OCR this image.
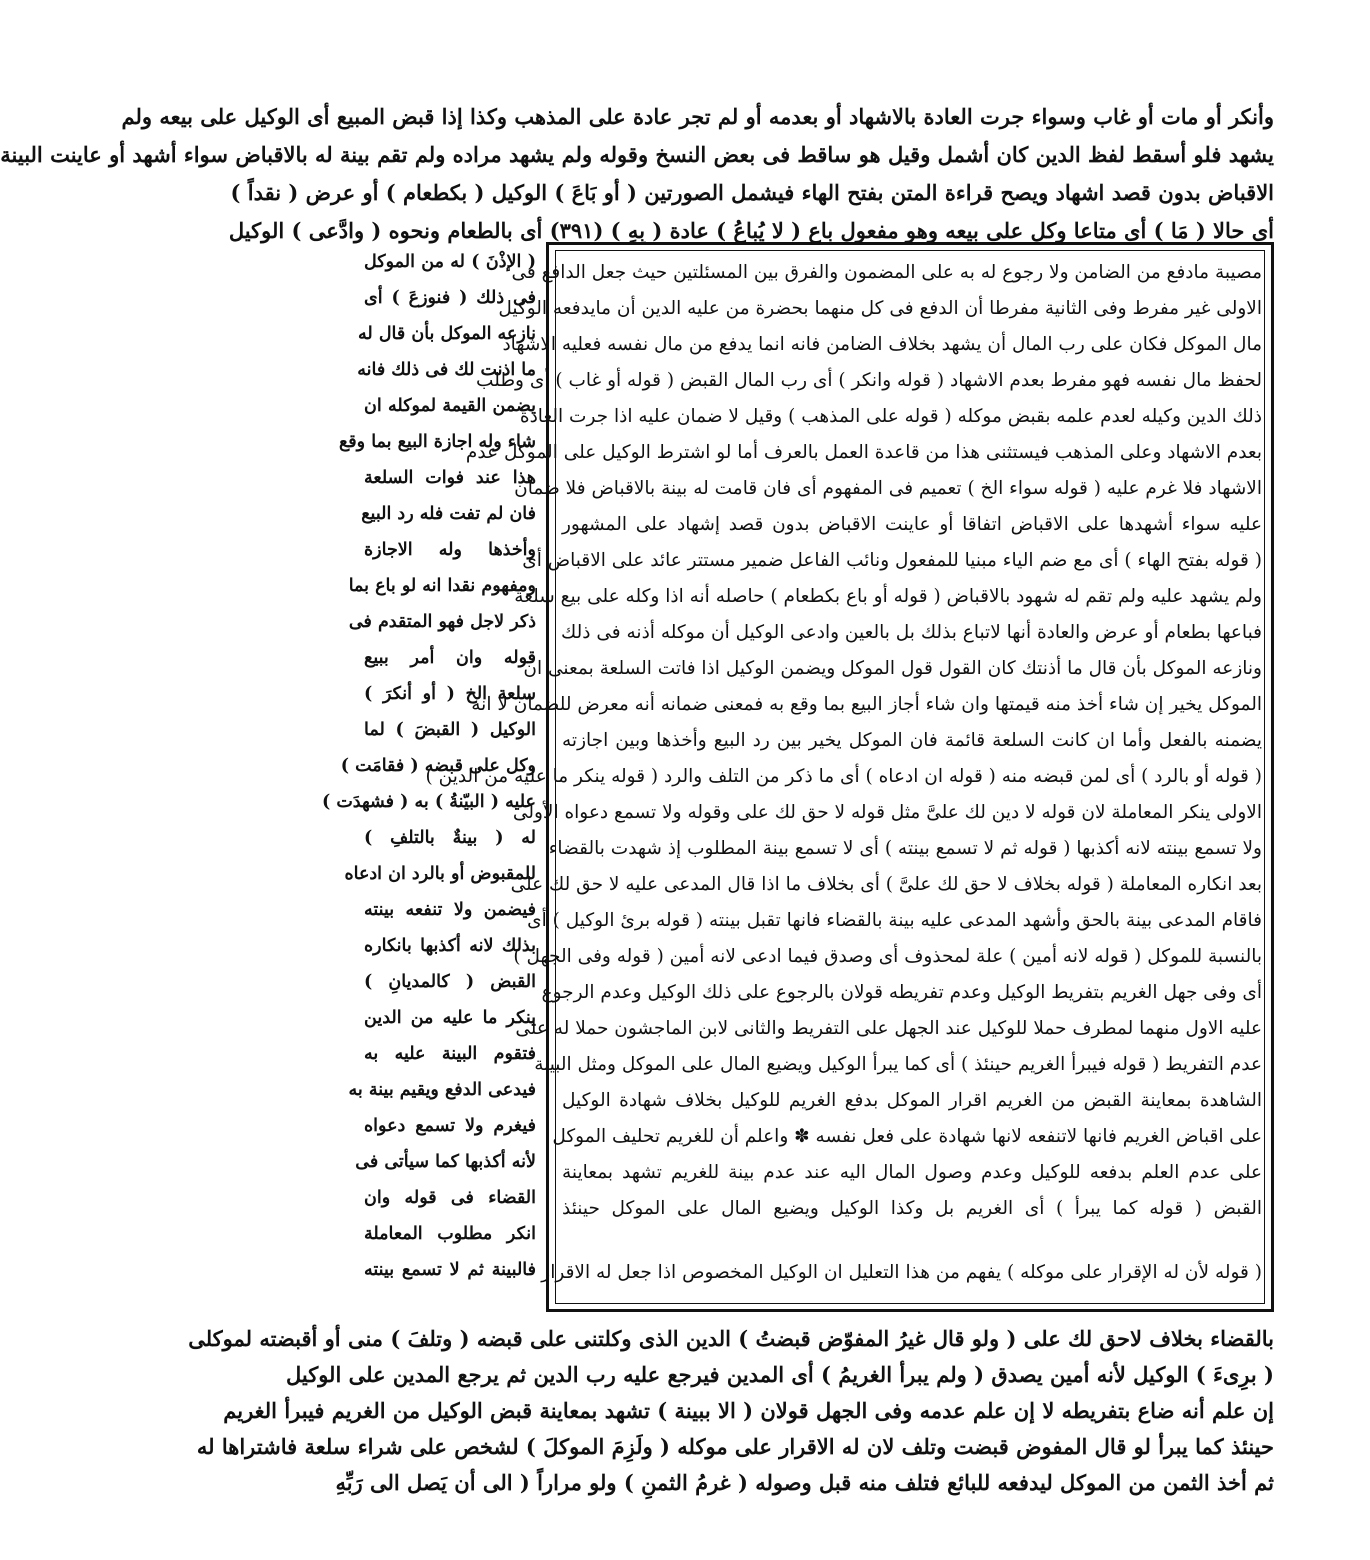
وأنكر أو مات أو غاب وسواء جرت العادة بالاشهاد أو بعدمه أو لم تجر عادة على المذهب وكذا إذا قبض المبيع أى الوكيل على بيعه ولم
يشهد فلو أسقط لفظ الدين كان أشمل وقيل هو ساقط فى بعض النسخ وقوله ولم يشهد مراده ولم تقم بينة له بالاقباض سواء أشهد أو عاينت البينة
الاقباض بدون قصد اشهاد ويصح قراءة المتن بفتح الهاء فيشمل الصورتين ( أو بَاعَ ) الوكيل ( بكطعام ) أو عرض ( نقداً )
أى حالا ( مَا ) أى متاعا وكل على بيعه وهو مفعول باع ( لا يُباعُ ) عادة ( بِهِ ) (٣٩١) أى بالطعام ونحوه ( وادَّعى ) الوكيل
مصيبة مادفع من الضامن ولا رجوع له به على المضمون والفرق بين المسئلتين حيث جعل الدافع فى
الاولى غير مفرط وفى الثانية مفرطا أن الدفع فى كل منهما بحضرة من عليه الدين أن مايدفعه الوكيل
مال الموكل فكان على رب المال أن يشهد بخلاف الضامن فانه انما يدفع من مال نفسه فعليه الاشهاد
لحفظ مال نفسه فهو مفرط بعدم الاشهاد ( قوله وانكر ) أى رب المال القبض ( قوله أو غاب ) أى وطلب
ذلك الدين وكيله لعدم علمه بقبض موكله ( قوله على المذهب ) وقيل لا ضمان عليه اذا جرت العادة
بعدم الاشهاد وعلى المذهب فيستثنى هذا من قاعدة العمل بالعرف أما لو اشترط الوكيل على الموكل عدم
الاشهاد فلا غرم عليه ( قوله سواء الخ ) تعميم فى المفهوم أى فان قامت له بينة بالاقباض فلا ضمان
عليه سواء أشهدها على الاقباض اتفاقا أو عاينت الاقباض بدون قصد إشهاد على المشهور
( قوله بفتح الهاء ) أى مع ضم الياء مبنيا للمفعول ونائب الفاعل ضمير مستتر عائد على الاقباض أى
ولم يشهد عليه ولم تقم له شهود بالاقباض ( قوله أو باع بكطعام ) حاصله أنه اذا وكله على بيع سلعة
فباعها بطعام أو عرض والعادة أنها لاتباع بذلك بل بالعين وادعى الوكيل أن موكله أذنه فى ذلك
ونازعه الموكل بأن قال ما أذنتك كان القول قول الموكل ويضمن الوكيل اذا فاتت السلعة بمعنى ان
الموكل يخير إن شاء أخذ منه قيمتها وان شاء أجاز البيع بما وقع به فمعنى ضمانه أنه معرض للضمان لا انه
يضمنه بالفعل وأما ان كانت السلعة قائمة فان الموكل يخير بين رد البيع وأخذها وبين اجازته
( قوله أو بالرد ) أى لمن قبضه منه ( قوله ان ادعاه ) أى ما ذكر من التلف والرد ( قوله ينكر ما عليه من الدين )
الاولى ينكر المعاملة لان قوله لا دين لك علىَّ مثل قوله لا حق لك على وقوله ولا تسمع دعواه الأولى
ولا تسمع بينته لانه أكذبها ( قوله ثم لا تسمع بينته ) أى لا تسمع بينة المطلوب إذ شهدت بالقضاء
بعد انكاره المعاملة ( قوله بخلاف لا حق لك علىَّ ) أى بخلاف ما اذا قال المدعى عليه لا حق لك على
فاقام المدعى بينة بالحق وأشهد المدعى عليه بينة بالقضاء فانها تقبل بينته ( قوله برئ الوكيل ) أى
بالنسبة للموكل ( قوله لانه أمين ) علة لمحذوف أى وصدق فيما ادعى لانه أمين ( قوله وفى الجهل )
أى وفى جهل الغريم بتفريط الوكيل وعدم تفريطه قولان بالرجوع على ذلك الوكيل وعدم الرجوع
عليه الاول منهما لمطرف حملا للوكيل عند الجهل على التفريط والثانى لابن الماجشون حملا له على
عدم التفريط ( قوله فيبرأ الغريم حينئذ ) أى كما يبرأ الوكيل ويضيع المال على الموكل ومثل البينة
الشاهدة بمعاينة القبض من الغريم اقرار الموكل بدفع الغريم للوكيل بخلاف شهادة الوكيل
على اقباض الغريم فانها لاتنفعه لانها شهادة على فعل نفسه ✽ واعلم أن للغريم تحليف الموكل
على عدم العلم بدفعه للوكيل وعدم وصول المال اليه عند عدم بينة للغريم تشهد بمعاينة
القبض ( قوله كما يبرأ ) أى الغريم بل وكذا الوكيل ويضيع المال على الموكل حينئذ
( قوله لأن له الإقرار على موكله ) يفهم من هذا التعليل ان الوكيل المخصوص اذا جعل له الاقرار
( الإذْنَ ) له من الموكل
فى ذلك ( فنوزعَ ) أى
نازعه الموكل بأن قال له
ما اذنت لك فى ذلك فانه
يضمن القيمة لموكله ان
شاء وله اجازة البيع بما وقع
هذا عند فوات السلعة
فان لم تفت فله رد البيع
وأخذها وله الاجازة
ومفهوم نقدا انه لو باع بما
ذكر لاجل فهو المتقدم فى
قوله وان أمر ببيع
سلعة الخ ( أو أنكرَ )
الوكيل ( القبضَ ) لما
وكل على قبضه ( فقامَت )
عليه ( البيّنةُ ) به ( فشهدَت )
له ( بينةٌ بالتلفِ )
للمقبوض أو بالرد ان ادعاه
فيضمن ولا تنفعه بينته
بذلك لانه أكذبها بانكاره
القبض ( كالمديانِ )
ينكر ما عليه من الدين
فتقوم البينة عليه به
فيدعى الدفع ويقيم بينة به
فيغرم ولا تسمع دعواه
لأنه أكذبها كما سيأتى فى
القضاء فى قوله وان
انكر مطلوب المعاملة
فالبينة ثم لا تسمع بينته
بالقضاء بخلاف لاحق لك على ( ولو قال غيرُ المفوّض قبضتُ ) الدين الذى وكلتنى على قبضه ( وتلفَ ) منى أو أقبضته لموكلى
( برِىءَ ) الوكيل لأنه أمين يصدق ( ولم يبرأ الغريمُ ) أى المدين فيرجع عليه رب الدين ثم يرجع المدين على الوكيل
إن علم أنه ضاع بتفريطه لا إن علم عدمه وفى الجهل قولان ( الا ببينة ) تشهد بمعاينة قبض الوكيل من الغريم فيبرأ الغريم
حينئذ كما يبرأ لو قال المفوض قبضت وتلف لان له الاقرار على موكله ( ولَزِمَ الموكلَ ) لشخص على شراء سلعة فاشتراها له
ثم أخذ الثمن من الموكل ليدفعه للبائع فتلف منه قبل وصوله ( غرمُ الثمنِ ) ولو مراراً ( الى أن يَصل الى رَبِّهِ
